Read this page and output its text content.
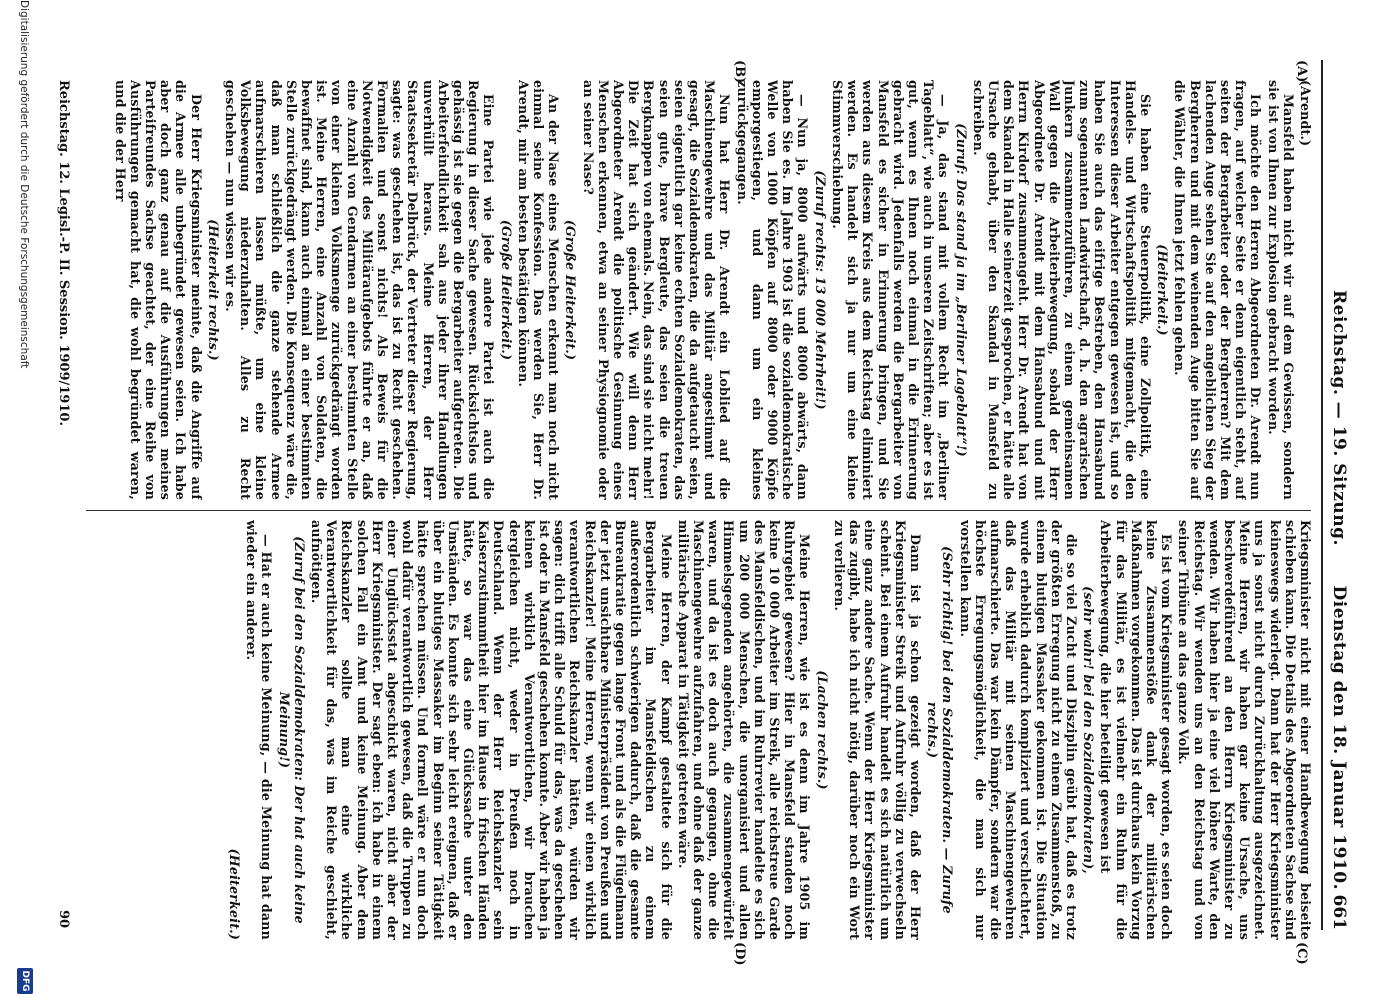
Reichstag. — 19. Sitzung.
Dienstag den 18. Januar 1910.
661
(A)
(B)
(C)
(D)

(Arendt.)

Mansfeld haben nicht wir auf dem Gewissen, sondern sie ist von Ihnen zur Explosion gebracht worden.

Ich möchte den Herren Abgeordneten Dr. Arendt nun fragen, auf welcher Seite er denn eigentlich steht, auf seiten der Bergarbeiter oder der Bergherren? Mit dem lachenden Auge sehen Sie auf den angeblichen Sieg der Bergherren und mit dem weinenden Auge bitten Sie auf die Wähler, die Ihnen jetzt fehlen gehen.

(Heiterkeit.)

Sie haben eine Steuerpolitik, eine Zollpolitik, eine Handels- und Wirtschaftspolitik mitgemacht, die den Interessen dieser Arbeiter entgegen gewesen ist, und so haben Sie auch das eifrige Bestreben, den Hansabund zum sogenannten Landwirtschaft, d. h. den agrarischen Junkern zusammenzuführen, zu einem gemeinsamen Wall gegen die Arbeiterbewegung, sobald der Herr Abgeordnete Dr. Arendt mit dem Hansabund und mit Herrn Kirdorf zusammengeht. Herr Dr. Arendt hat von dem Skandal in Halle seinerzeit gesprochen, er hätte alle Ursache gehabt, über den Skandal in Mansfeld zu schreiben.

(Zuruf: Das stand ja im „Berliner Lageblatt“!)

— Ja, das stand mit vollem Recht im „Berliner Tageblatt“, wie auch in unseren Zeitschriften; aber es ist gut, wenn es Ihnen noch einmal in die Erinnerung gebracht wird. Jedenfalls werden die Bergarbeiter von Mansfeld es sicher in Erinnerung bringen, und Sie werden aus diesem Kreis aus dem Reichstag eliminiert werden. Es handelt sich ja nur um eine kleine Stimmverschiebung.

(Zuruf rechts: 13 000 Mehrheit!)

— Nun ja, 8000 aufwärts und 8000 abwärts, dann haben Sie es. Im Jahre 1903 ist die sozialdemokratische Welle von 1000 Köpfen auf 8000 oder 9000 Köpfe emporgestiegen, und dann um ein kleines zurückgegangen.

Nun hat Herr Dr. Arendt ein Loblied auf die Maschinengewehre und das Militär angestimmt und gesagt, die Sozialdemokraten, die da aufgetaucht seien, seien eigentlich gar keine echten Sozialdemokraten, das seien gute, brave Bergleute, das seien die treuen Bergknappen von ehemals. Nein, das sind sie nicht mehr! Die Zeit hat sich geändert. Wie will denn Herr Abgeordneter Arendt die politische Gesinnung eines Menschen erkennen, etwa an seiner Physiognomie oder an seiner Nase?

(Große Heiterkeit.)

An der Nase eines Menschen erkennt man noch nicht einmal seine Konfession. Das werden Sie, Herr Dr. Arendt, mir am besten bestätigen können.

(Große Heiterkeit.)

Eine Partei wie jede andere Partei ist auch die Regierung in dieser Sache gewesen. Rücksichtslos und gehässig ist sie gegen die Bergarbeiter aufgetreten. Die Arbeiterfeindlichkeit sah aus jeder ihrer Handlungen unverhüllt heraus. Meine Herren, der Herr Staatssekretär Delbrück, der Vertreter dieser Regierung, sagte: was geschehen ist, das ist zu Recht geschehen. Formalien und sonst nichts! Als Beweis für die Notwendigkeit des Militäraufgebots führte er an, daß eine Anzahl von Gendarmen an einer bestimmten Stelle von einer kleinen Volksmenge zurückgedrängt worden ist. Meine Herren, eine Anzahl von Soldaten, die bewaffnet sind, kann auch einmal an einer bestimmten Stelle zurückgedrängt werden. Die Konsequenz wäre die, daß man schließlich die ganze stehende Armee aufmarschieren lassen müßte, um eine kleine Volksbewegung niederzuhalten. Alles zu Recht geschehen — nun wissen wir es.

(Heiterkeit rechts.)

Der Herr Kriegsminister meinte, daß die Angriffe auf die Armee alle unbegründet gewesen seien. Ich habe aber doch ganz genau auf die Ausführungen meines Parteifreundes Sachse geachtet, der eine Reihe von Ausführungen gemacht hat, die wohl begründet waren, und die der Herr

Kriegsminister nicht mit einer Handbewegung beiseite schieben kann. Die Details des Abgeordneten Sachse sind keineswegs widerlegt. Dann hat der Herr Kriegsminister uns ja sonst nicht durch Zurückhaltung ausgezeichnet. Meine Herren, wir haben gar keine Ursache, uns beschwerdeführend an den Herrn Kriegsminister zu wenden. Wir haben hier ja eine viel höhere Warte, den Reichstag. Wir wenden uns an den Reichstag und von seiner Tribüne an das ganze Volk.

Es ist vom Kriegsminister gesagt worden, es seien doch keine Zusammenstöße dank der militärischen Maßnahmen vorgekommen. Das ist durchaus kein Vorzug für das Militär, es ist vielmehr ein Ruhm für die Arbeiterbewegung, die hier beteiligt gewesen ist

(sehr wahr! bei den Sozialdemokraten),

die so viel Zucht und Disziplin geübt hat, daß es trotz der größten Erregung nicht zu einem Zusammenstoß, zu einem blutigen Massaker gekommen ist. Die Situation wurde erheblich dadurch kompliziert und verschlechtert, daß das Militär mit seinen Maschinengewehren aufmarschierte. Das war kein Dämpfer, sondern war die höchste Erregungsmöglichkeit, die man sich nur vorstellen kann.

(Sehr richtig! bei den Sozialdemokraten. — Zurufe rechts.)

Dann ist ja schon gezeigt worden, daß der Herr Kriegsminister Streik und Aufruhr völlig zu verwechseln scheint. Bei einem Aufruhr handelt es sich natürlich um eine ganz andere Sache. Wenn der Herr Kriegsminister das zugibt, habe ich nicht nötig, darüber noch ein Wort zu verlieren.

(Lachen rechts.)

Meine Herren, wie ist es denn im Jahre 1905 im Ruhrgebiet gewesen? Hier in Mansfeld standen noch keine 10 000 Arbeiter im Streik, alle reichstreue Garde des Mansfeldischen, und im Ruhrrevier handelte es sich um 200 000 Menschen, die unorganisiert und allen Himmelsgegenden angehörten, die zusammengewürfelt waren, und da ist es doch auch gegangen, ohne die Maschinengewehre aufzufahren, und ohne daß der ganze militärische Apparat in Tätigkeit getreten wäre.

Meine Herren, der Kampf gestaltete sich für die Bergarbeiter im Mansfeldischen zu einem außerordentlich schwierigen dadurch, daß die gesamte Bureaukratie gegen lange Front und als die Flügelmann der jetzt unsichtbare Ministerpräsident von Preußen und Reichskanzler! Meine Herren, wenn wir einen wirklich verantwortlichen Reichskanzler hätten, würden wir sagen: dich trifft alle Schuld für das, was da geschehen ist oder in Mansfeld geschehen konnte. Aber wir haben ja keinen wirklich Verantwortlichen, wir brauchen dergleichen nicht, weder in Preußen noch in Deutschland. Wenn der Herr Reichskanzler sein Kaiserzustimmmtheit hier im Hause in frischen Händen hätte, so war das eine Glückssache unter den Umständen. Es konnte sich sehr leicht ereignen, daß er über ein blutiges Massaker im Beginn seiner Tätigkeit hätte sprechen müssen. Und formell wäre er nun doch wohl dafür verantwortlich gewesen, daß die Truppen zu einer Unglücksstat abgeschickt waren, nicht aber der Herr Kriegsminister. Der sagt eben: ich habe in einem solchen Fall ein Amt und keine Meinung. Aber dem Reichskanzler sollte man eine wirkliche Verantwortlichkeit für das, was im Reiche geschieht, aufnötigen.

(Zuruf bei den Sozialdemokraten: Der hat auch keine Meinung!)

— Hat er auch keine Meinung, — die Meinung hat dann wieder ein anderer.

(Heiterkeit.)

Reichstag. 12. Legisl.-P. II. Session. 1909/1910.
90
Digitalisierung gefördert durch die Deutsche Forschungsgemeinschaft
DFG
